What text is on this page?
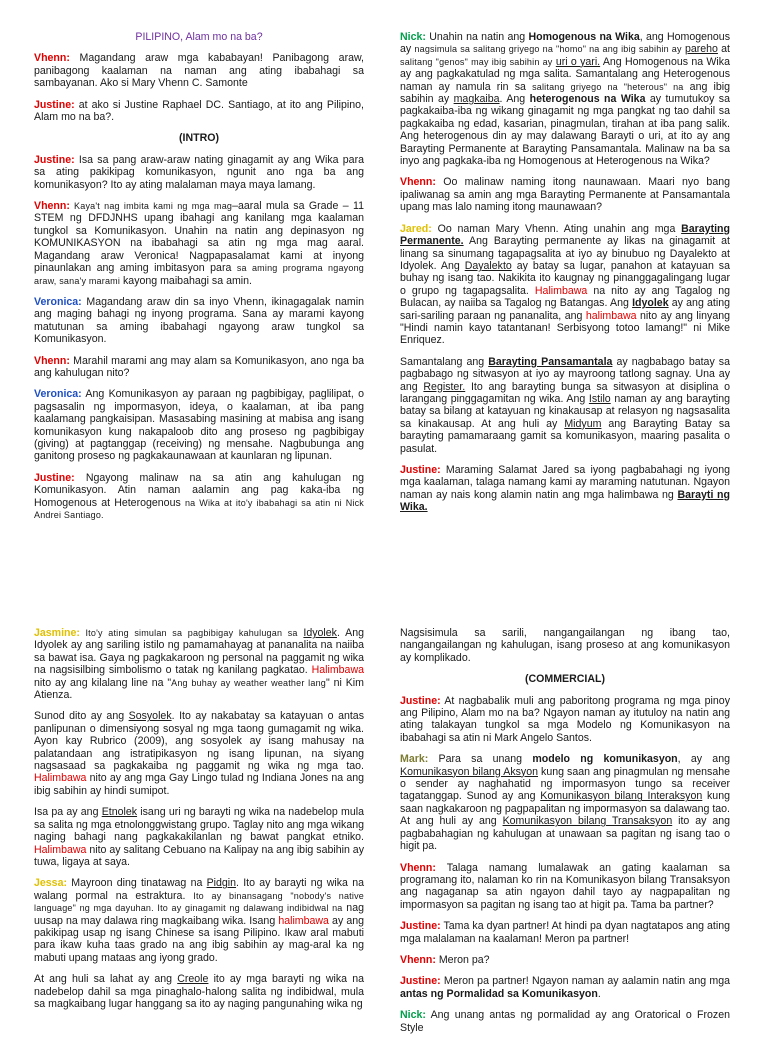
PILIPINO, Alam mo na ba?

Vhenn: Magandang araw mga kababayan! Panibagong araw, panibagong kaalaman na naman ang ating ibabahagi sa sambayanan. Ako si Mary Vhenn C. Samonte

Justine: at ako si Justine Raphael DC. Santiago, at ito ang Pilipino, Alam mo na ba?.

(INTRO)

Justine: Isa sa pang araw-araw nating ginagamit ay ang Wika para sa ating pakikipag komunikasyon, ngunit ano nga ba ang komunikasyon? Ito ay ating malalaman maya maya lamang.

Vhenn: Kaya't nag imbita kami ng mga mag–aaral mula sa Grade – 11 STEM ng DFDJNHS upang ibahagi ang kanilang mga kaalaman tungkol sa Komunikasyon. Unahin na natin ang depinasyon ng KOMUNIKASYON na ibabahagi sa atin ng mga mag aaral. Magandang araw Veronica! Nagpapasalamat kami at inyong pinaunlakan ang aming imbitasyon para sa aming programa ngayong araw, sana'y marami kayong maibahagi sa amin.

Veronica: Magandang araw din sa inyo Vhenn, ikinagagalak namin ang maging bahagi ng inyong programa. Sana ay marami kayong matutunan sa aming ibabahagi ngayong araw tungkol sa Komunikasyon.

Vhenn: Marahil marami ang may alam sa Komunikasyon, ano nga ba ang kahulugan nito?

Veronica: Ang Komunikasyon ay paraan ng pagbibigay, paglilipat, o pagsasalin ng impormasyon, ideya, o kaalaman, at iba pang kaalamang pangkaisipan. Masasabing masining at mabisa ang isang komunikasyon kung nakapaloob dito ang proseso ng pagbibigay (giving) at pagtanggap (receiving) ng mensahe. Nagbubunga ang ganitong proseso ng pagkakaunawaan at kaunlaran ng lipunan.

Justine: Ngayong malinaw na sa atin ang kahulugan ng Komunikasyon. Atin naman aalamin ang pag kaka-iba ng Homogenous at Heterogenous na Wika at ito'y ibabahagi sa atin ni Nick Andrei Santiago.

Nick: Unahin na natin ang Homogenous na Wika, ang Homogenous ay nagsimula sa salitang griyego na "homo" na ang ibig sabihin ay pareho at salitang "genos" may ibig sabihin ay uri o yari. Ang Homogenous na Wika ay ang pagkakatulad ng mga salita. Samantalang ang Heterogenous naman ay namula rin sa salitang griyego na "heterous" na ang ibig sabihin ay magkaiba. Ang heterogenous na Wika ay tumutukoy sa pagkakaiba-iba ng wikang ginagamit ng mga pangkat ng tao dahil sa pagkakaiba ng edad, kasarian, pinagmulan, tirahan at iba pang salik. Ang heterogenous din ay may dalawang Barayti o uri, at ito ay ang Barayting Permanente at Barayting Pansamantala. Malinaw na ba sa inyo ang pagkaka-iba ng Homogenous at Heterogenous na Wika?

Vhenn: Oo malinaw naming itong naunawaan. Maari nyo bang ipaliwanag sa amin ang mga Barayting Permanente at Pansamantala upang mas lalo naming itong maunawaan?

Jared: Oo naman Mary Vhenn. Ating unahin ang mga Barayting Permanente. Ang Barayting permanente ay likas na ginagamit at linang sa sinumang tagapagsalita at iyo ay binubuo ng Dayalekto at Idyolek. Ang Dayalekto ay batay sa lugar, panahon at katayuan sa buhay ng isang tao. Nakikita ito kaugnay ng pinanggagalingang lugar o grupo ng tagapagsalita. Halimbawa na nito ay ang Tagalog ng Bulacan, ay naiiba sa Tagalog ng Batangas. Ang Idyolek ay ang ating sari-sariling paraan ng pananalita, ang halimbawa nito ay ang linyang "Hindi namin kayo tatantanan! Serbisyong totoo lamang!" ni Mike Enriquez.

Samantalang ang Barayting Pansamantala ay nagbabago batay sa pagbabago ng sitwasyon at iyo ay mayroong tatlong sagnay. Una ay ang Register. Ito ang barayting bunga sa sitwasyon at disiplina o larangang pinggagamitan ng wika. Ang Istilo naman ay ang barayting batay sa bilang at katayuan ng kinakausap at relasyon ng nagsasalita sa kinakausap. At ang huli ay Midyum ang Barayting Batay sa barayting pamamaraang gamit sa komunikasyon, maaring pasalita o pasulat.

Justine: Maraming Salamat Jared sa iyong pagbabahagi ng iyong mga kaalaman, talaga namang kami ay maraming natutunan. Ngayon naman ay nais kong alamin natin ang mga halimbawa ng Barayti ng Wika.

Jasmine: Ito'y ating simulan sa pagbibigay kahulugan sa Idyolek. Ang Idyolek ay ang sariling istilo ng pamamahayag at pananalita na naiiba sa bawat isa. Gaya ng pagkakaroon ng personal na paggamit ng wika na nagsisilbing simbolismo o tatak ng kanilang pagkatao. Halimbawa nito ay ang kilalang line na "Ang buhay ay weather weather lang" ni Kim Atienza.

Sunod dito ay ang Sosyolek. Ito ay nakabatay sa katayuan o antas panlipunan o dimensiyong sosyal ng mga taong gumagamit ng wika. Ayon kay Rubrico (2009), ang sosyolek ay isang mahusay na palatandaan ang istratipikasyon ng isang lipunan, na siyang nagsasaad sa pagkakaiba ng paggamit ng wika ng mga tao. Halimbawa nito ay ang mga Gay Lingo tulad ng Indiana Jones na ang ibig sabihin ay hindi sumipot.

Isa pa ay ang Etnolek isang uri ng barayti ng wika na nadebelop mula sa salita ng mga etnolonggwistang grupo. Taglay nito ang mga wikang naging bahagi nang pagkakakilanlan ng bawat pangkat etniko. Halimbawa nito ay salitang Cebuano na Kalipay na ang ibig sabihin ay tuwa, ligaya at saya.

Jessa: Mayroon ding tinatawag na Pidgin. Ito ay barayti ng wika na walang pormal na estraktura. Ito ay binansagang "nobody's native language" ng mga dayuhan. Ito ay ginagamit ng dalawang indibidwal na nag uusap na may dalawa ring magkaibang wika. Isang halimbawa ay ang pakikipag usap ng isang Chinese sa isang Pilipino. Ikaw aral mabuti para ikaw kuha taas grado na ang ibig sabihin ay mag-aral ka ng mabuti upang mataas ang iyong grado.

At ang huli sa lahat ay ang Creole ito ay mga barayti ng wika na nadebelop dahil sa mga pinaghalo-halong salita ng indibidwal, mula sa magkaibang lugar hanggang sa ito ay naging pangunahing wika ng

Nagsisimula sa sarili, nangangailangan ng ibang tao, nangangailangan ng kahulugan, isang proseso at ang komunikasyon ay komplikado.

(COMMERCIAL)

Justine: At nagbabalik muli ang paboritong programa ng mga pinoy ang Pilipino, Alam mo na ba? Ngayon naman ay itutuloy na natin ang ating talakayan tungkol sa mga Modelo ng Komunikasyon na ibabahagi sa atin ni Mark Angelo Santos.

Mark: Para sa unang modelo ng komunikasyon, ay ang Komunikasyon bilang Aksyon kung saan ang pinagmulan ng mensahe o sender ay naghahatid ng impormasyon tungo sa receiver tagatanggap. Sunod ay ang Komunikasyon bilang Interaksyon kung saan nagkakaroon ng pagpapalitan ng impormasyon sa dalawang tao. At ang huli ay ang Komunikasyon bilang Transaksyon ito ay ang pagbabahagian ng kahulugan at unawaan sa pagitan ng isang tao o higit pa.

Vhenn: Talaga namang lumalawak an gating kaalaman sa programang ito, nalaman ko rin na Komunikasyon bilang Transaksyon ang nagaganap sa atin ngayon dahil tayo ay nagpapalitan ng impormasyon sa pagitan ng isang tao at higit pa. Tama ba partner?

Justine: Tama ka dyan partner! At hindi pa dyan nagtatapos ang ating mga malalaman na kaalaman! Meron pa partner!

Vhenn: Meron pa?

Justine: Meron pa partner! Ngayon naman ay aalamin natin ang mga antas ng Pormalidad sa Komunikasyon.

Nick: Ang unang antas ng pormalidad ay ang Oratorical o Frozen Style
